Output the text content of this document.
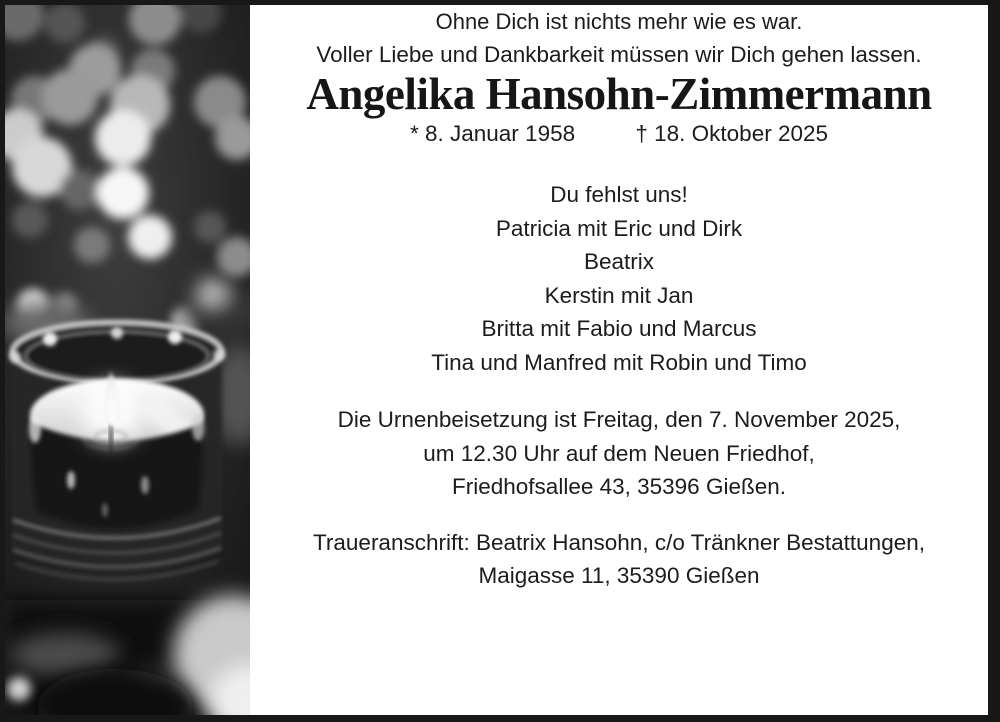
Ohne Dich ist nichts mehr wie es war.

Voller Liebe und Dankbarkeit müssen wir Dich gehen lassen.

Angelika Hansohn-Zimmermann

* 8. Januar 1958	† 18. Oktober 2025

Du fehlst uns!

Patricia mit Eric und Dirk

Beatrix

Kerstin mit Jan

Britta mit Fabio und Marcus

Tina und Manfred mit Robin und Timo

Die Urnenbeisetzung ist Freitag, den 7. November 2025,

um 12.30 Uhr auf dem Neuen Friedhof,

Friedhofsallee 43, 35396 Gießen.

Traueranschrift: Beatrix Hansohn, c/o Tränkner Bestattungen,

Maigasse 11, 35390 Gießen
